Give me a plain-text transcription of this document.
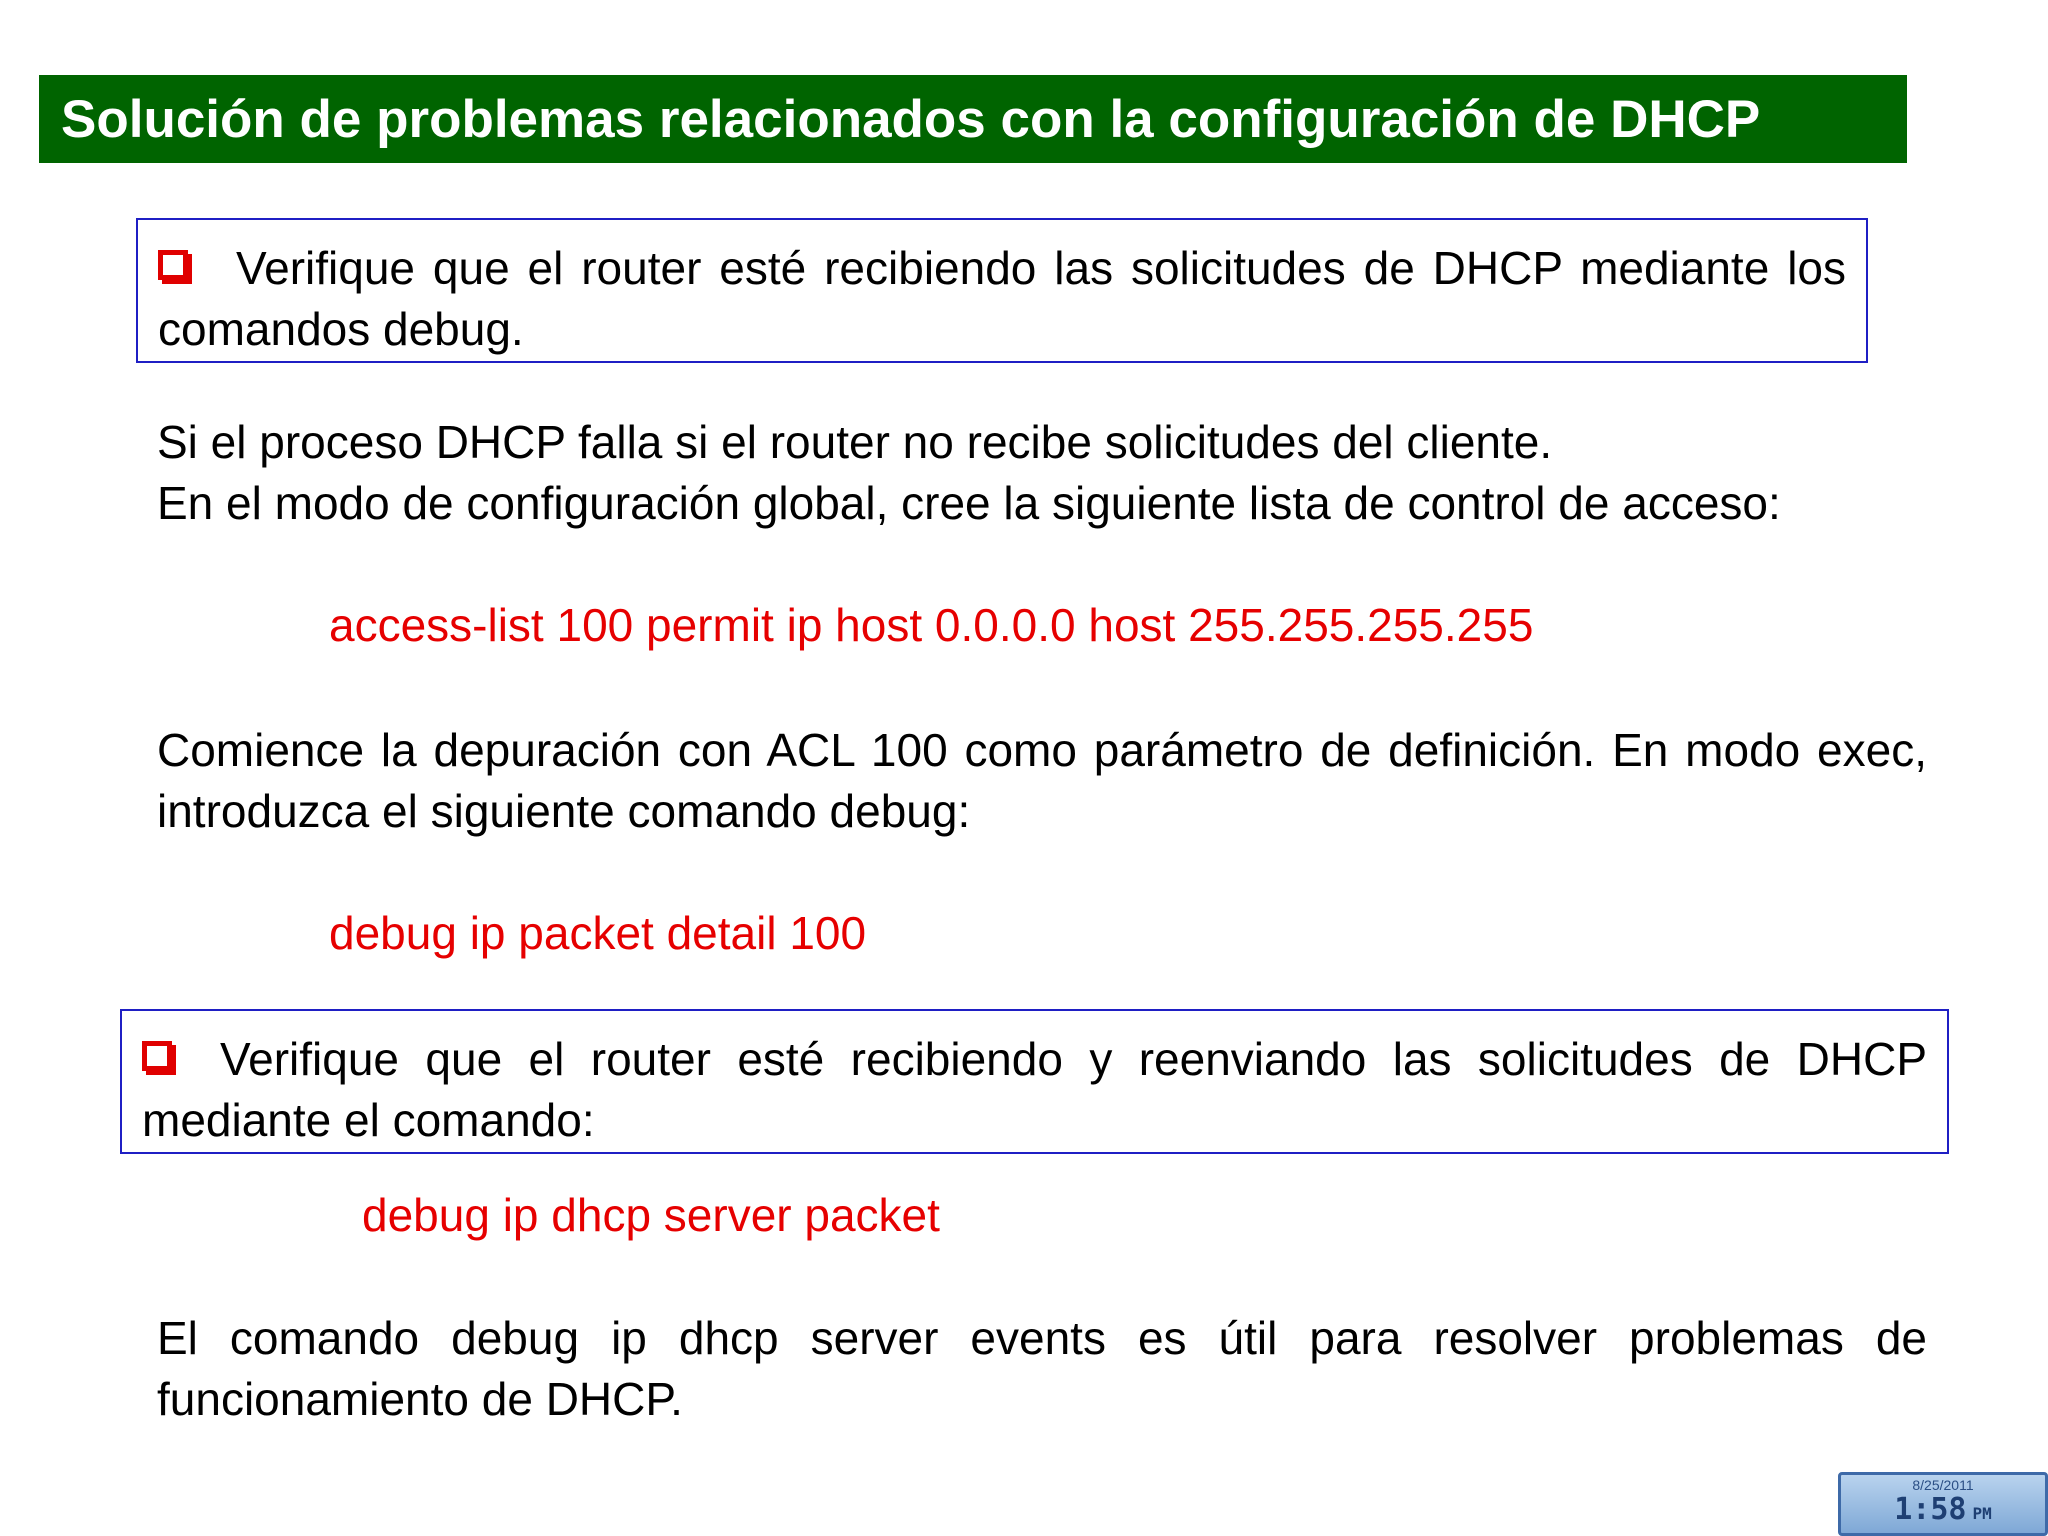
Solución de problemas relacionados con la configuración de DHCP
Verifique que el router esté recibiendo las solicitudes de DHCP mediante los comandos debug.
Si el proceso DHCP falla si el router no recibe solicitudes del cliente.
En el modo de configuración global, cree la siguiente lista de control de acceso:
access-list 100 permit ip host 0.0.0.0 host 255.255.255.255
Comience la depuración con ACL 100 como parámetro de definición. En modo exec, introduzca el siguiente comando debug:
debug ip packet detail 100
Verifique que el router esté recibiendo y reenviando las solicitudes de DHCP mediante el comando:
debug ip dhcp server packet
El comando debug ip dhcp server events es útil para resolver problemas de funcionamiento de DHCP.
8/25/2011
1:58 PM
